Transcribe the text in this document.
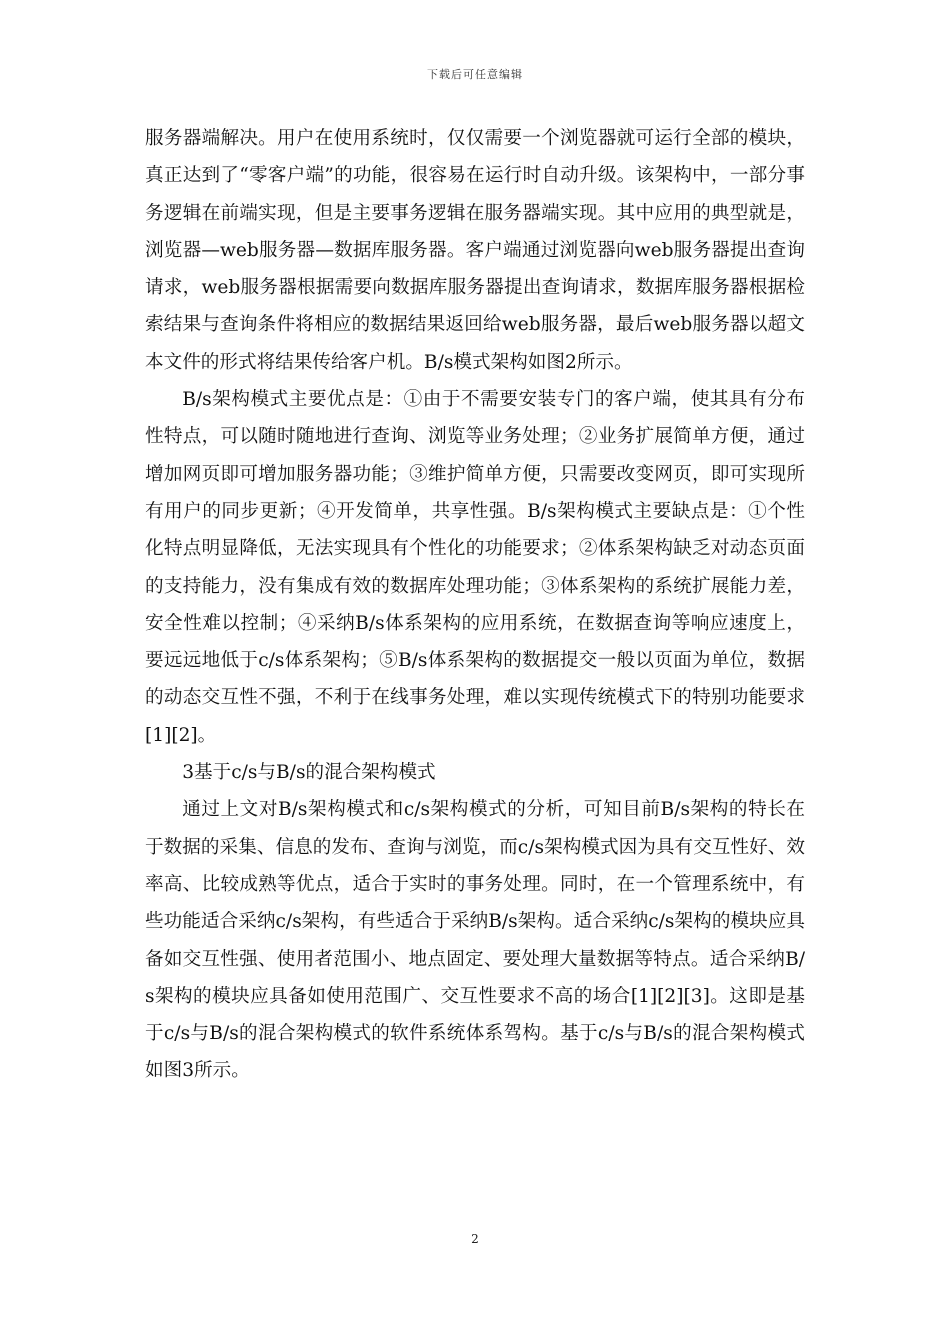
下载后可任意编辑

服务器端解决。用户在使用系统时，仅仅需要一个浏览器就可运行全部的模块，真正达到了“零客户端”的功能，很容易在运行时自动升级。该架构中，一部分事务逻辑在前端实现，但是主要事务逻辑在服务器端实现。其中应用的典型就是，浏览器—web服务器—数据库服务器。客户端通过浏览器向web服务器提出查询请求，web服务器根据需要向数据库服务器提出查询请求，数据库服务器根据检索结果与查询条件将相应的数据结果返回给web服务器，最后web服务器以超文本文件的形式将结果传给客户机。B/s模式架构如图2所示。

B/s架构模式主要优点是：①由于不需要安装专门的客户端，使其具有分布性特点，可以随时随地进行查询、浏览等业务处理；②业务扩展简单方便，通过增加网页即可增加服务器功能；③维护简单方便，只需要改变网页，即可实现所有用户的同步更新；④开发简单，共享性强。B/s架构模式主要缺点是：①个性化特点明显降低，无法实现具有个性化的功能要求；②体系架构缺乏对动态页面的支持能力，没有集成有效的数据库处理功能；③体系架构的系统扩展能力差，安全性难以控制；④采纳B/s体系架构的应用系统，在数据查询等响应速度上，要远远地低于c/s体系架构；⑤B/s体系架构的数据提交一般以页面为单位，数据的动态交互性不强，不利于在线事务处理，难以实现传统模式下的特别功能要求[1][2]。

3基于c/s与B/s的混合架构模式

通过上文对B/s架构模式和c/s架构模式的分析，可知目前B/s架构的特长在于数据的采集、信息的发布、查询与浏览，而c/s架构模式因为具有交互性好、效率高、比较成熟等优点，适合于实时的事务处理。同时，在一个管理系统中，有些功能适合采纳c/s架构，有些适合于采纳B/s架构。适合采纳c/s架构的模块应具备如交互性强、使用者范围小、地点固定、要处理大量数据等特点。适合采纳B/s架构的模块应具备如使用范围广、交互性要求不高的场合[1][2][3]。这即是基于c/s与B/s的混合架构模式的软件系统体系驾构。基于c/s与B/s的混合架构模式如图3所示。

2
